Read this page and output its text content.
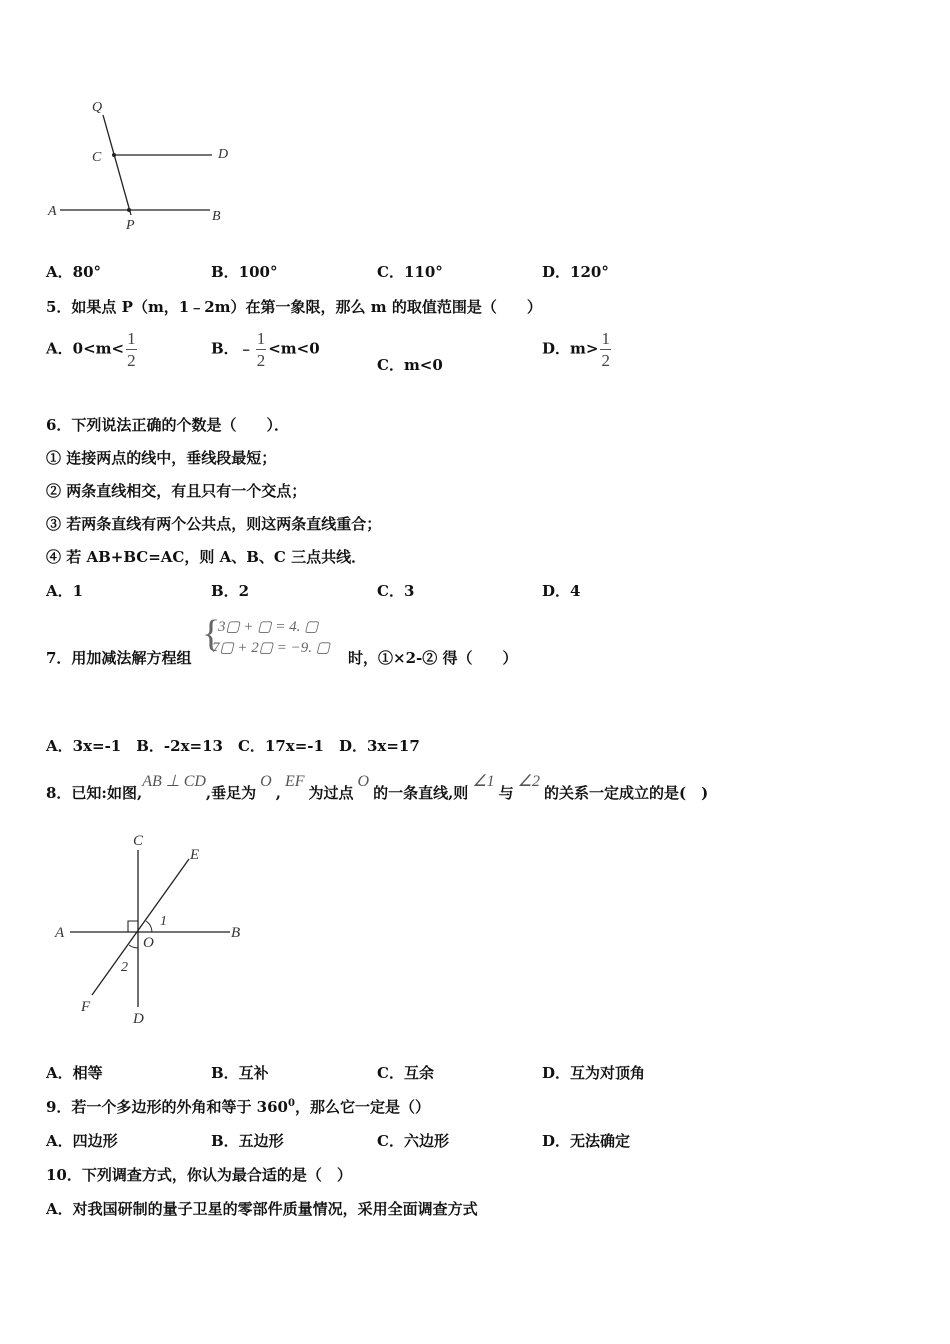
Q
C	D
A
P
B
A．80°	B．100°	C．110°	D．120°
5．如果点 P（m，1﹣2m）在第一象限，那么 m 的取值范围是（　　）
A．$0<m< \frac{1}{2}$	B．﹣ $\frac{1}{2} <m<0$
C．m<0
D．$m> \frac{1}{2}$
6．下列说法正确的个数是（　　）．
① 连接两点的线中，垂线段最短；
② 两条直线相交，有且只有一个交点；
③ 若两条直线有两个公共点，则这两条直线重合；
④ 若 AB+BC=AC，则 A、B、C 三点共线．
A．1	B．2	C．3	D．4
7．用加减法解方程组
{
3▢ + ▢ = 4. ▢
7▢ + 2▢ = −9. ▢
时，①×2-② 得（　　）
A．3x=-1　B．-2x=13　C．17x=-1　D．3x=17
8．已知:如图,AB ⊥ CD,垂足为O,EF为过点O的一条直线,则∠1与∠2的关系一定成立的是(　)
C
E
A	B
O
1
2
F
D
A．相等	B．互补	C．互余	D．互为对顶角
9．若一个多边形的外角和等于 $360^0$，那么它一定是（）
A．四边形	B．五边形	C．六边形	D．无法确定
10．下列调查方式，你认为最合适的是（　）
A．对我国研制的量子卫星的零部件质量情况，采用全面调查方式
